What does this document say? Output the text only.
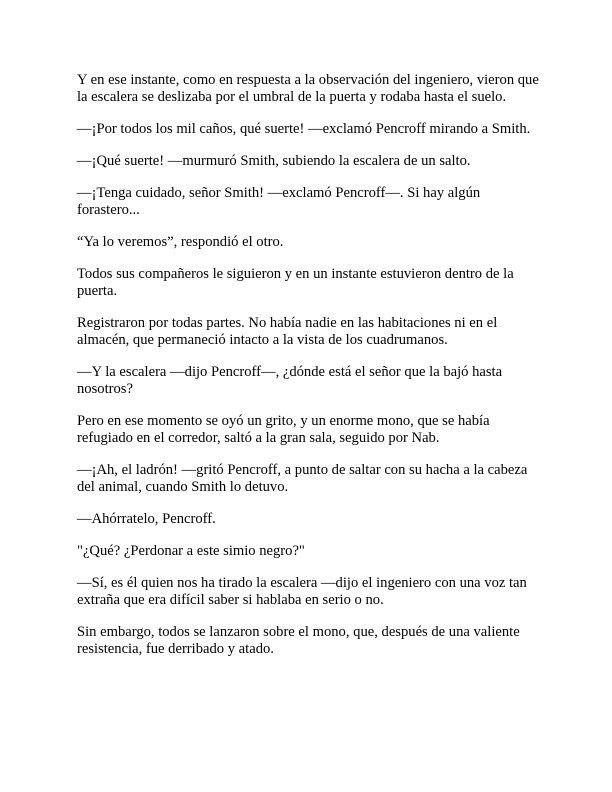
Y en ese instante, como en respuesta a la observación del ingeniero, vieron que la escalera se deslizaba por el umbral de la puerta y rodaba hasta el suelo.

—¡Por todos los mil caños, qué suerte! —exclamó Pencroff mirando a Smith.

—¡Qué suerte! —murmuró Smith, subiendo la escalera de un salto.

—¡Tenga cuidado, señor Smith! —exclamó Pencroff—. Si hay algún forastero...

“Ya lo veremos”, respondió el otro.

Todos sus compañeros le siguieron y en un instante estuvieron dentro de la puerta.

Registraron por todas partes. No había nadie en las habitaciones ni en el almacén, que permaneció intacto a la vista de los cuadrumanos.

—Y la escalera —dijo Pencroff—, ¿dónde está el señor que la bajó hasta nosotros?

Pero en ese momento se oyó un grito, y un enorme mono, que se había refugiado en el corredor, saltó a la gran sala, seguido por Nab.

—¡Ah, el ladrón! —gritó Pencroff, a punto de saltar con su hacha a la cabeza del animal, cuando Smith lo detuvo.

—Ahórratelo, Pencroff.

"¿Qué? ¿Perdonar a este simio negro?"

—Sí, es él quien nos ha tirado la escalera —dijo el ingeniero con una voz tan extraña que era difícil saber si hablaba en serio o no.

Sin embargo, todos se lanzaron sobre el mono, que, después de una valiente resistencia, fue derribado y atado.
